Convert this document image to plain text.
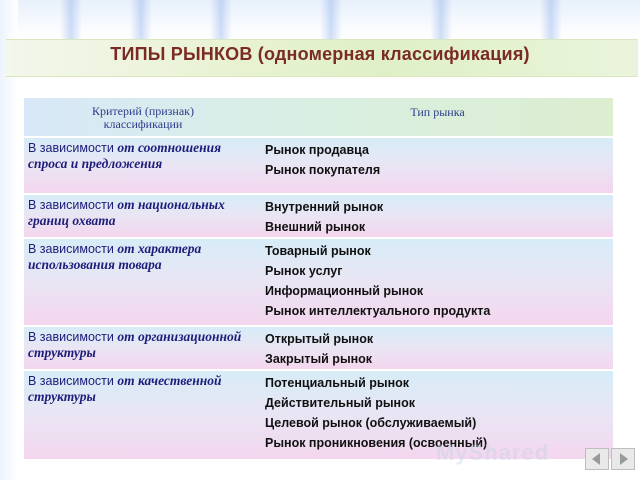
ТИПЫ РЫНКОВ (одномерная классификация)
Критерий (признак) классификации
Тип рынка
В зависимости от соотношения спроса и предложения
Рынок продавца
Рынок покупателя
В зависимости от национальных границ охвата
Внутренний рынок
Внешний рынок
В зависимости от характера использования товара
Товарный рынок
Рынок услуг
Информационный рынок
Рынок интеллектуального продукта
В зависимости от организационной структуры
Открытый рынок
Закрытый рынок
В зависимости от качественной структуры
Потенциальный рынок
Действительный рынок
Целевой рынок (обслуживаемый)
Рынок проникновения (освоенный)
MyShared
